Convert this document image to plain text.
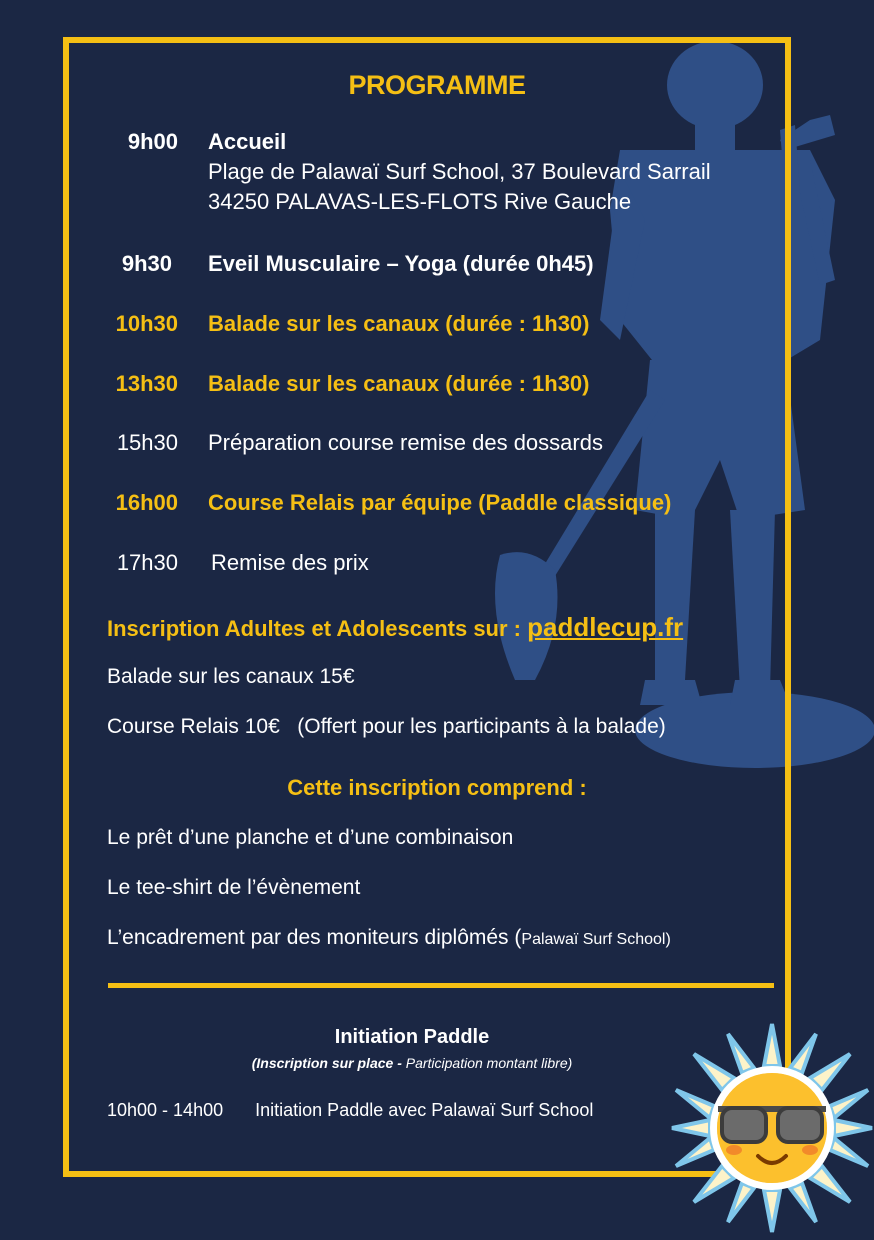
PROGRAMME
9h00 Accueil
Plage de Palawaï Surf School, 37 Boulevard Sarrail
34250 PALAVAS-LES-FLOTS Rive Gauche
9h30 Eveil Musculaire – Yoga (durée 0h45)
10h30 Balade sur les canaux (durée : 1h30)
13h30 Balade sur les canaux (durée : 1h30)
15h30 Préparation course remise des dossards
16h00 Course Relais par équipe (Paddle classique)
17h30 Remise des prix
Inscription Adultes et Adolescents sur : paddlecup.fr
Balade sur les canaux 15€
Course Relais 10€   (Offert pour les participants à la balade)
Cette inscription comprend :
Le prêt d’une planche et d’une combinaison
Le tee-shirt de l’évènement
L’encadrement par des moniteurs diplômés (Palawaï Surf School)
Initiation Paddle
(Inscription sur place - Participation montant libre)
10h00 - 14h00 Initiation Paddle avec Palawaï Surf School
